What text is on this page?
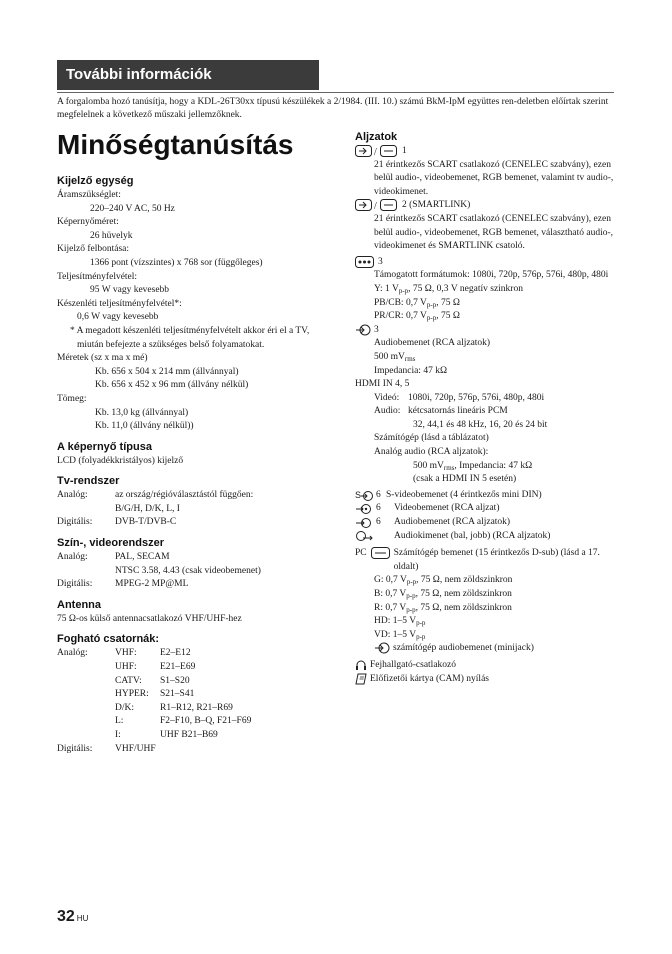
További információk
A forgalomba hozó tanúsítja, hogy a KDL-26T30xx típusú készülékek a 2/1984. (III. 10.) számú BkM-IpM együttes ren-deletben előírtak szerint megfelelnek a következő műszaki jellemzőknek.
Minőségtanúsítás
Kijelző egység
Áramszükséglet:
220–240 V AC, 50 Hz
Képernyőméret:
26 hüvelyk
Kijelző felbontása:
1366 pont (vízszintes) x 768 sor (függőleges)
Teljesítményfelvétel:
95 W vagy kevesebb
Készenléti teljesítményfelvétel*:
0,6 W vagy kevesebb
* A megadott készenléti teljesítményfelvételt akkor éri el a TV, miután befejezte a szükséges belső folyamatokat.
Méretek (sz x ma x mé)
Kb. 656 x 504 x 214 mm (állvánnyal)
Kb. 656 x 452 x 96 mm (állvány nélkül)
Tömeg:
Kb. 13,0 kg (állvánnyal)
Kb. 11,0 (állvány nélkül))
A képernyő típusa
LCD (folyadékkristályos) kijelző
Tv-rendszer
Analóg:	az ország/régióválasztástól függően:
B/G/H, D/K, L, I
Digitális:	DVB-T/DVB-C
Szín-, videorendszer
Analóg:	PAL, SECAM
NTSC 3.58, 4.43 (csak videobemenet)
Digitális:	MPEG-2 MP@ML
Antenna
75 Ω-os külső antennacsatlakozó VHF/UHF-hez
Fogható csatornák:
Analóg:	VHF:	E2–E12
UHF:	E21–E69
CATV:	S1–S20
HYPER:	S21–S41
D/K:	R1–R12, R21–R69
L:	F2–F10, B–Q, F21–F69
I:	UHF B21–B69
Digitális:	VHF/UHF
Aljzatok
/	1
21 érintkezős SCART csatlakozó (CENELEC szabvány), ezen belül audio-, videobemenet, RGB bemenet, valamint tv audio-, videokimenet.
/	2 (SMARTLINK)
21 érintkezős SCART csatlakozó (CENELEC szabvány), ezen belül audio-, videobemenet, RGB bemenet, választható audio-, videokimenet és SMARTLINK csatoló.
3
Támogatott formátumok: 1080i, 720p, 576p, 576i, 480p, 480i
Y: 1 $V_{p-p}$, 75 Ω, 0,3 V negatív szinkron
PB/CB: 0,7 $V_{p-p}$, 75 Ω
PR/CR: 0,7 $V_{p-p}$, 75 Ω
3
Audiobemenet (RCA aljzatok)
500 $mV_{rms}$
Impedancia: 47 kΩ
HDMI IN 4, 5
Videó: 1080i, 720p, 576p, 576i, 480p, 480i
Audio: kétcsatornás lineáris PCM
32, 44,1 és 48 kHz, 16, 20 és 24 bit
Számítógép (lásd a táblázatot)
Analóg audio (RCA aljzatok):
500 $mV_{rms}$, Impedancia: 47 kΩ
(csak a HDMI IN 5 esetén)
S 6 S-videobemenet (4 érintkezős mini DIN)
6	Videobemenet (RCA aljzat)
6	Audiobemenet (RCA aljzatok)
Audiokimenet (bal, jobb) (RCA aljzatok)
PC	Számítógép bemenet (15 érintkezős D-sub) (lásd a 17. oldalt)
G: 0,7 $V_{p-p}$, 75 Ω, nem zöldszinkron
B: 0,7 $V_{p-p}$, 75 Ω, nem zöldszinkron
R: 0,7 $V_{p-p}$, 75 Ω, nem zöldszinkron
HD: 1–5 $V_{p-p}$
VD: 1–5 $V_{p-p}$
számítógép audiobemenet (minijack)
Fejhallgató-csatlakozó
Előfizetői kártya (CAM) nyílás
32 HU
